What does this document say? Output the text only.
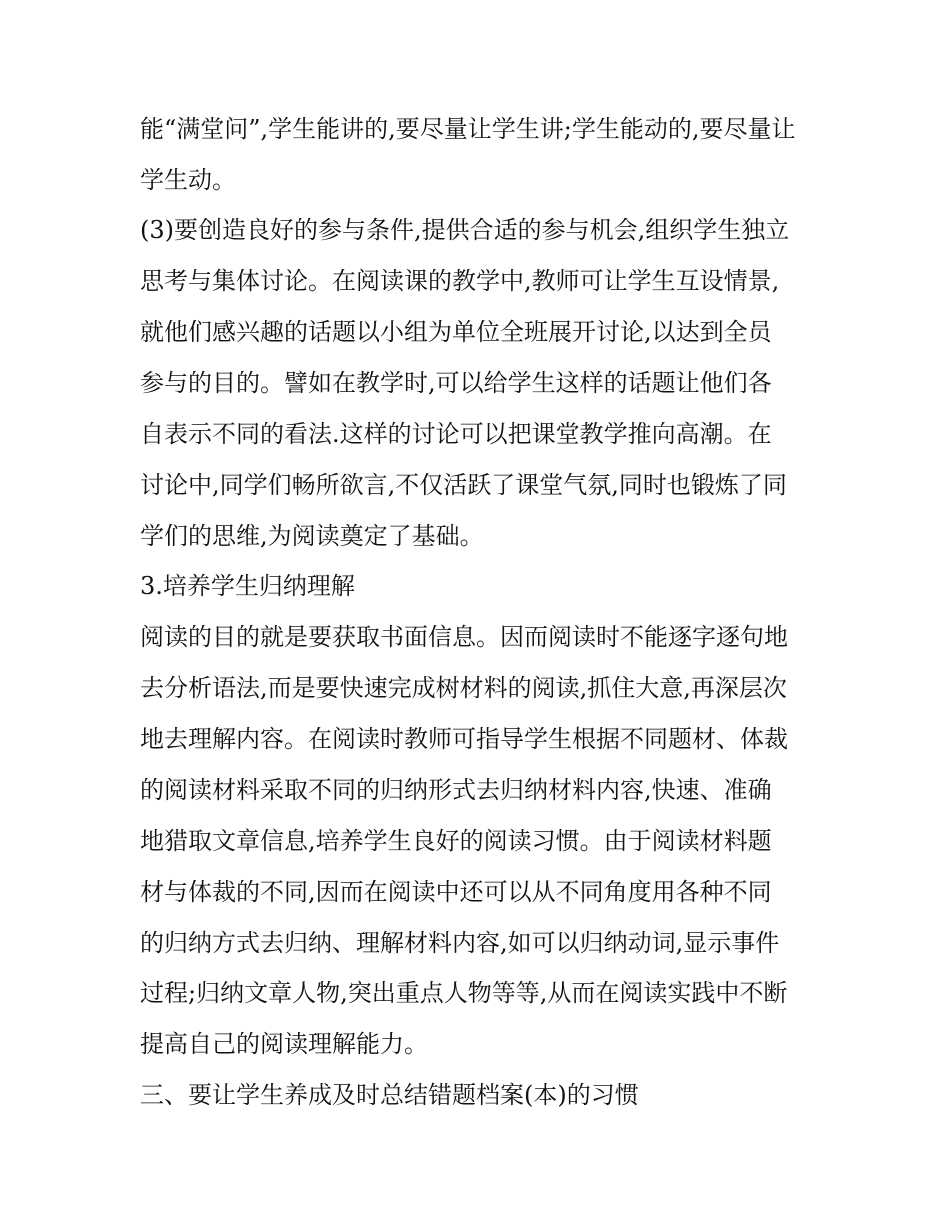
能“满堂问”,学生能讲的,要尽量让学生讲;学生能动的,要尽量让

学生动。

(3)要创造良好的参与条件,提供合适的参与机会,组织学生独立

思考与集体讨论。在阅读课的教学中,教师可让学生互设情景,

就他们感兴趣的话题以小组为单位全班展开讨论,以达到全员

参与的目的。譬如在教学时,可以给学生这样的话题让他们各

自表示不同的看法.这样的讨论可以把课堂教学推向高潮。在

讨论中,同学们畅所欲言,不仅活跃了课堂气氛,同时也锻炼了同

学们的思维,为阅读奠定了基础。

3.培养学生归纳理解

阅读的目的就是要获取书面信息。因而阅读时不能逐字逐句地

去分析语法,而是要快速完成树材料的阅读,抓住大意,再深层次

地去理解内容。在阅读时教师可指导学生根据不同题材、体裁

的阅读材料采取不同的归纳形式去归纳材料内容,快速、准确

地猎取文章信息,培养学生良好的阅读习惯。由于阅读材料题

材与体裁的不同,因而在阅读中还可以从不同角度用各种不同

的归纳方式去归纳、理解材料内容,如可以归纳动词,显示事件

过程;归纳文章人物,突出重点人物等等,从而在阅读实践中不断

提高自己的阅读理解能力。

三、要让学生养成及时总结错题档案(本)的习惯
